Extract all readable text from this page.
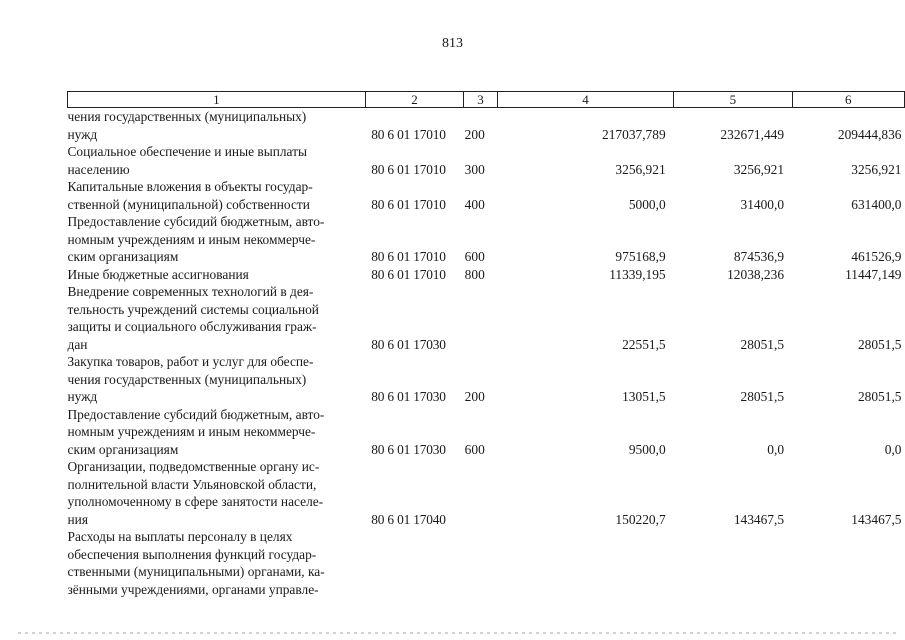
813
1	2	3	4	5	6

чения государственных (муниципальных)
нужд	80 6 01 17010	200	217037,789	232671,449	209444,836

Социальное обеспечение и иные выплаты
населению	80 6 01 17010	300	3256,921	3256,921	3256,921

Капитальные вложения в объекты государ-
ственной (муниципальной) собственности	80 6 01 17010	400	5000,0	31400,0	631400,0

Предоставление субсидий бюджетным, авто-
номным учреждениям и иным некоммерче-
ским организациям	80 6 01 17010	600	975168,9	874536,9	461526,9

Иные бюджетные ассигнования	80 6 01 17010	800	11339,195	12038,236	11447,149

Внедрение современных технологий в дея-
тельность учреждений системы социальной
защиты и социального обслуживания граж-
дан	80 6 01 17030		22551,5	28051,5	28051,5

Закупка товаров, работ и услуг для обеспе-
чения государственных (муниципальных)
нужд	80 6 01 17030	200	13051,5	28051,5	28051,5

Предоставление субсидий бюджетным, авто-
номным учреждениям и иным некоммерче-
ским организациям	80 6 01 17030	600	9500,0	0,0	0,0

Организации, подведомственные органу ис-
полнительной власти Ульяновской области,
уполномоченному в сфере занятости населе-
ния	80 6 01 17040		150220,7	143467,5	143467,5

Расходы на выплаты персоналу в целях
обеспечения выполнения функций государ-
ственными (муниципальными) органами, ка-
зёнными учреждениями, органами управле-					
